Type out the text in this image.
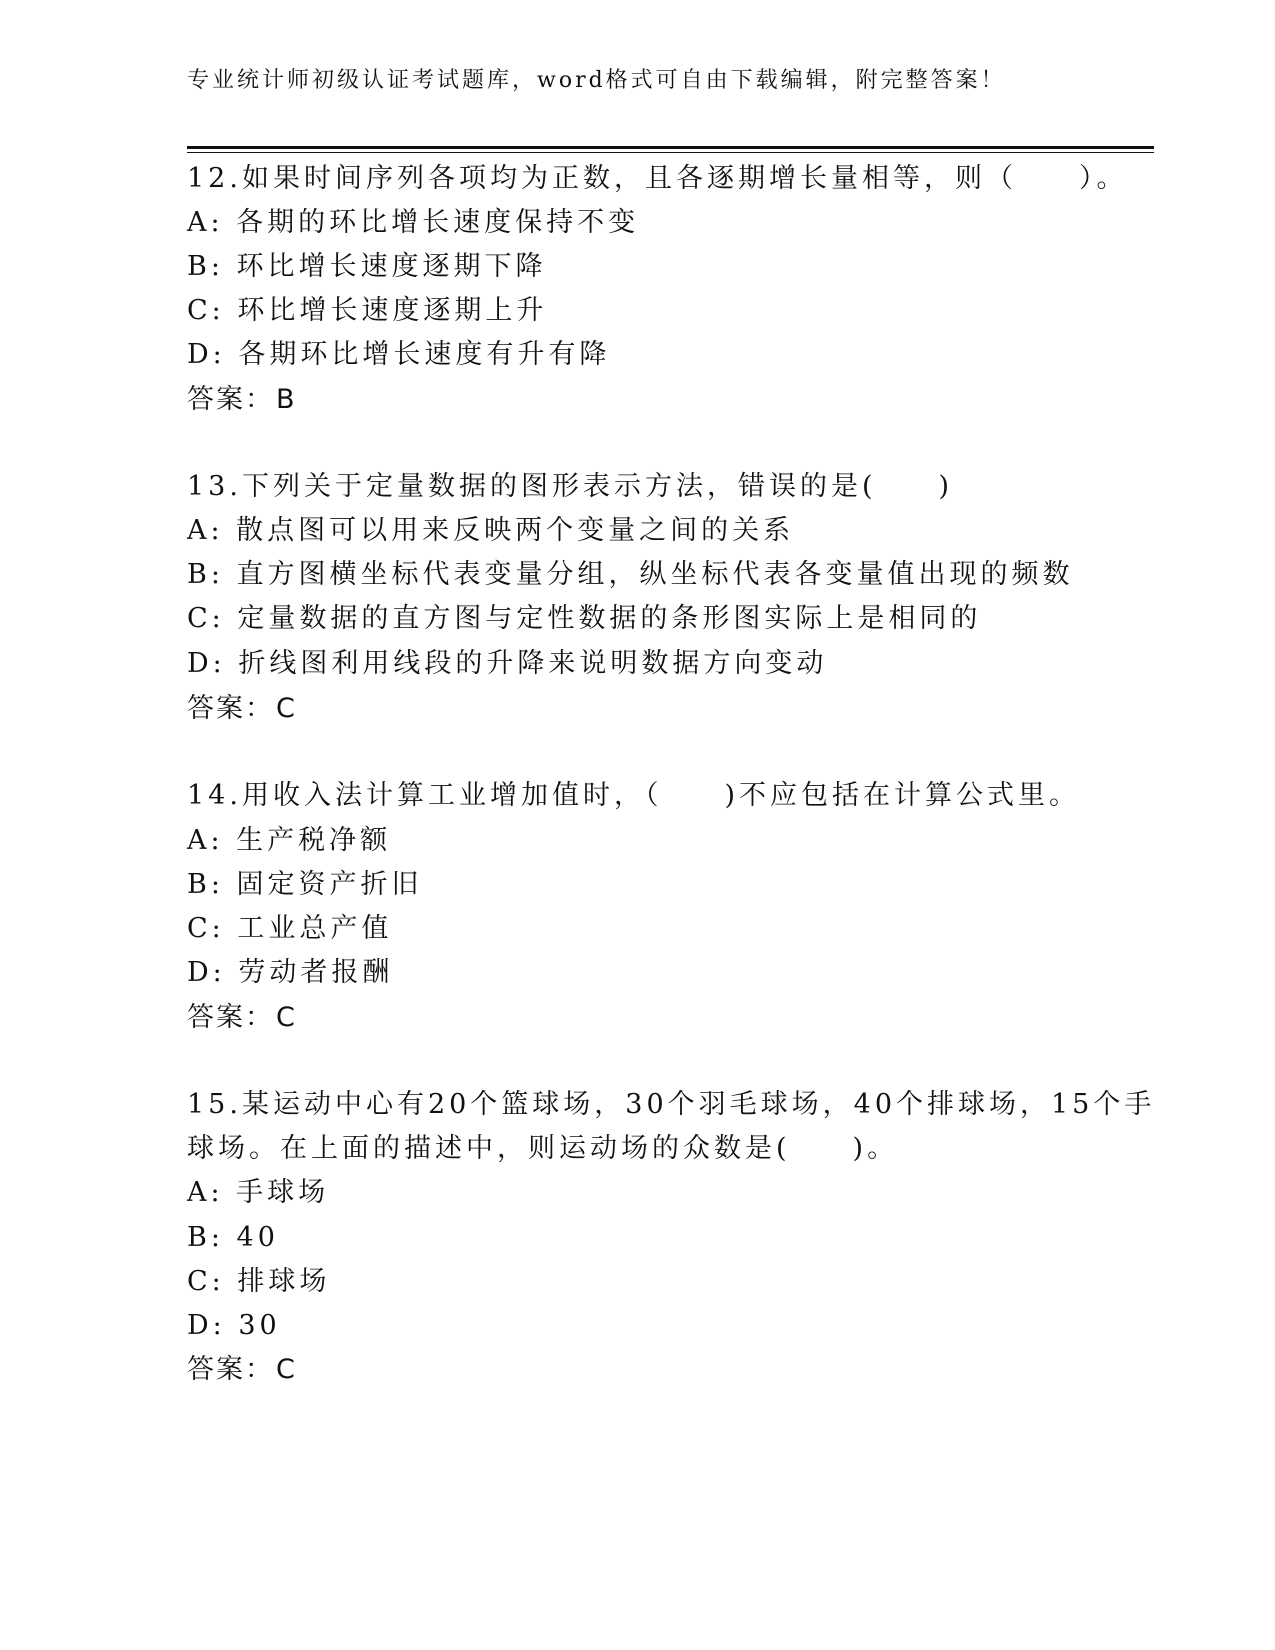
专业统计师初级认证考试题库，word格式可自由下载编辑，附完整答案！
12.如果时间序列各项均为正数，且各逐期增长量相等，则（　　）。
A: 各期的环比增长速度保持不变
B: 环比增长速度逐期下降
C: 环比增长速度逐期上升
D: 各期环比增长速度有升有降
答案：B
13.下列关于定量数据的图形表示方法，错误的是(　　)
A: 散点图可以用来反映两个变量之间的关系
B: 直方图横坐标代表变量分组，纵坐标代表各变量值出现的频数
C: 定量数据的直方图与定性数据的条形图实际上是相同的
D: 折线图利用线段的升降来说明数据方向变动
答案：C
14.用收入法计算工业增加值时，（　　)不应包括在计算公式里。
A: 生产税净额
B: 固定资产折旧
C: 工业总产值
D: 劳动者报酬
答案：C
15.某运动中心有20个篮球场，30个羽毛球场，40个排球场，15个手
球场。在上面的描述中，则运动场的众数是(　　)。
A: 手球场
B: 40
C: 排球场
D: 30
答案：C
